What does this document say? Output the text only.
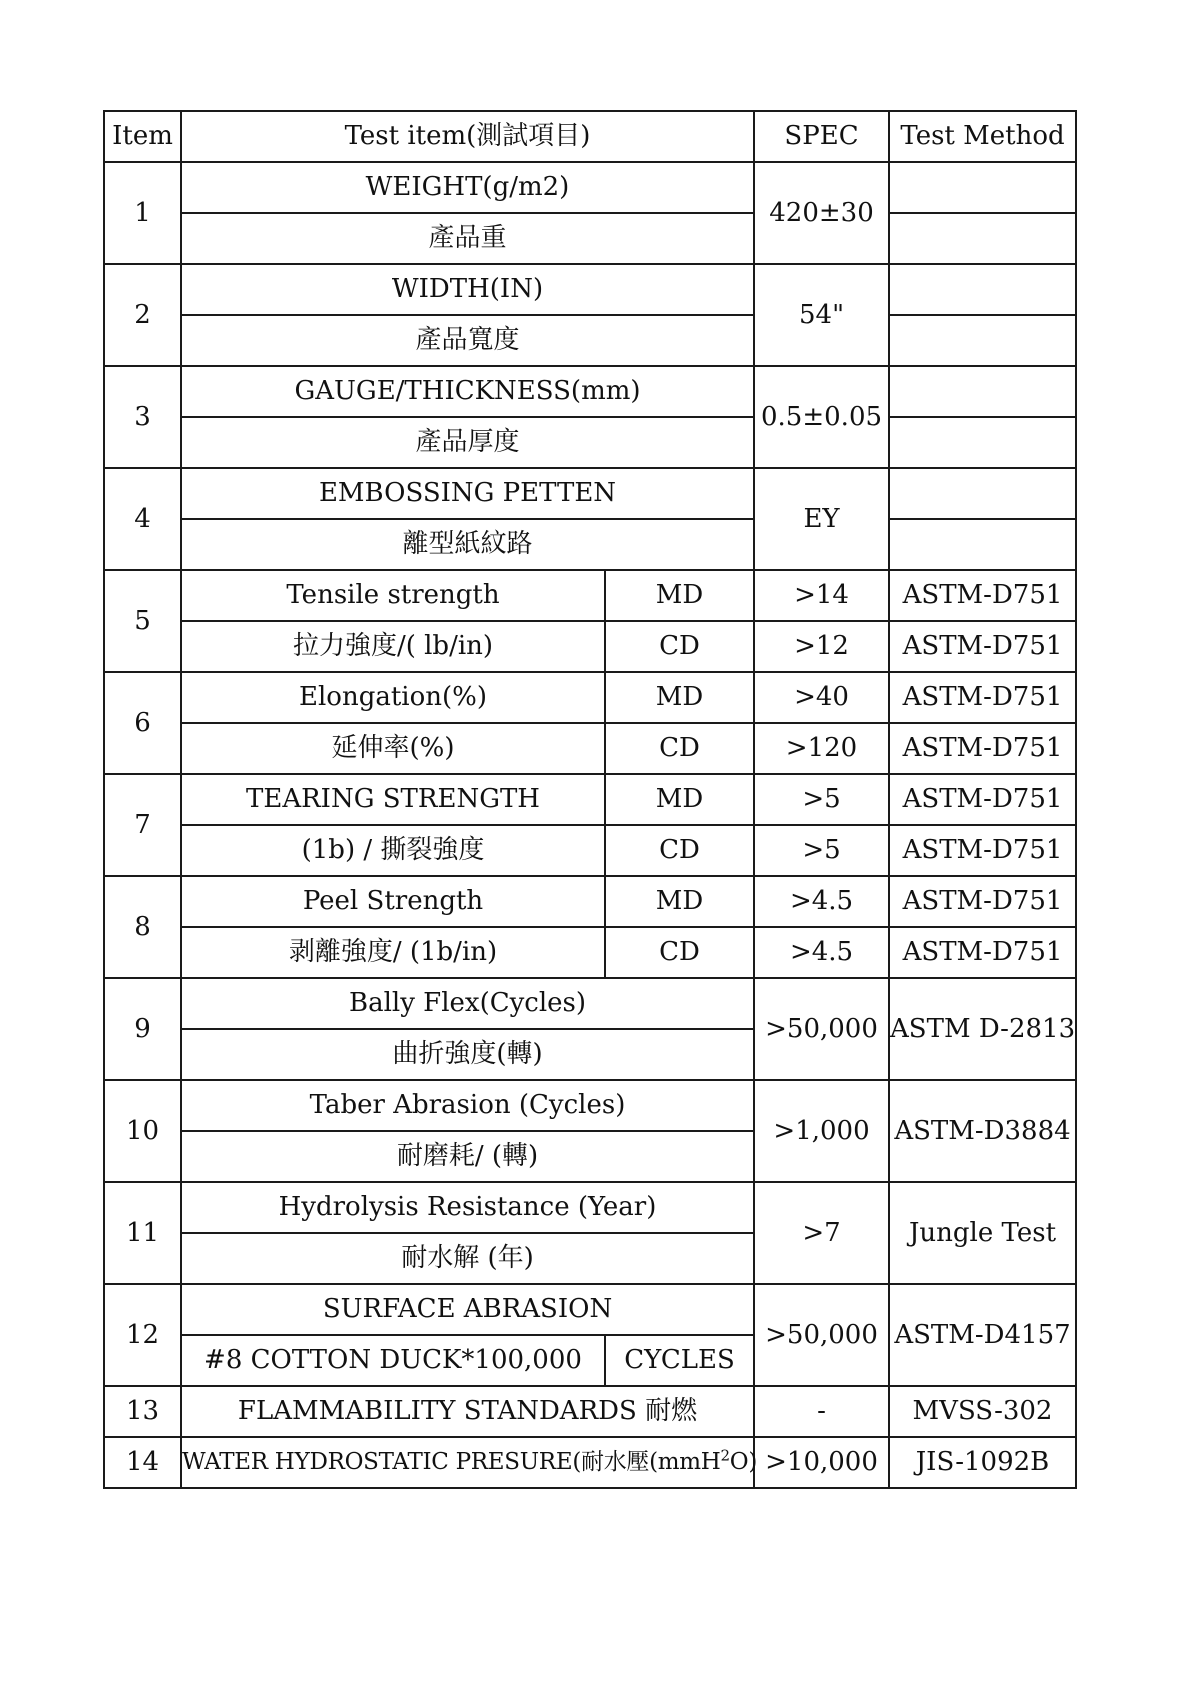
Item	Test item(測試項目)		SPEC	Test Method
1	WEIGHT(g/m2)		420±30	
	產品重			
2	WIDTH(IN)		54"	
	產品寬度			
3	GAUGE/THICKNESS(mm)		0.5±0.05	
	產品厚度			
4	EMBOSSING PETTEN		EY	
	離型紙紋路			
5	Tensile strength	MD	>14	ASTM-D751
	拉力強度/( lb/in)	CD	>12	ASTM-D751
6	Elongation(%)	MD	>40	ASTM-D751
	延伸率(%)	CD	>120	ASTM-D751
7	TEARING STRENGTH	MD	>5	ASTM-D751
	(1b) / 撕裂強度	CD	>5	ASTM-D751
8	Peel Strength	MD	>4.5	ASTM-D751
	剥離強度/ (1b/in)	CD	>4.5	ASTM-D751
9	Bally Flex(Cycles)		>50,000	ASTM D-2813
	曲折強度(轉)			
10	Taber Abrasion (Cycles)		>1,000	ASTM-D3884
	耐磨耗/ (轉)			
11	Hydrolysis Resistance (Year)		>7	Jungle Test
	耐水解 (年)			
12	SURFACE ABRASION		>50,000	ASTM-D4157
	#8 COTTON DUCK*100,000	CYCLES		
13	FLAMMABILITY STANDARDS 耐燃		-	MVSS-302
14	WATER HYDROSTATIC PRESURE(耐水壓(mmH$^2$O)		>10,000	JIS-1092B
